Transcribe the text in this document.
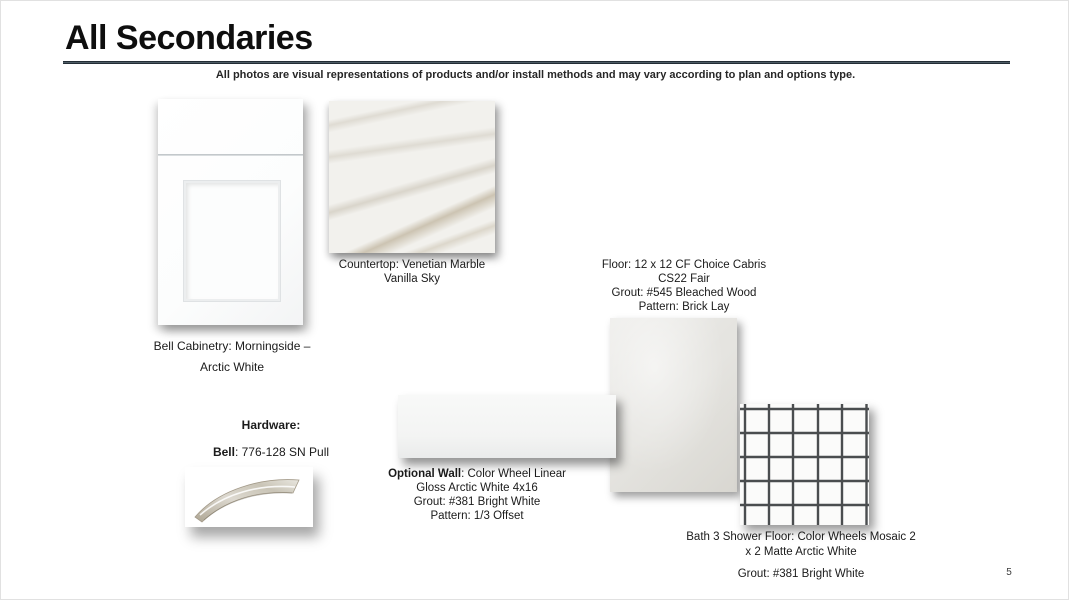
All Secondaries
All photos are visual representations of products and/or install methods and may vary according to plan and options type.
Bell Cabinetry: Morningside –
Arctic White
Countertop: Venetian Marble
Vanilla Sky
Floor: 12 x 12 CF Choice Cabris
CS22 Fair
Grout: #545 Bleached Wood
Pattern: Brick Lay
Optional Wall: Color Wheel Linear
Gloss Arctic White 4x16
Grout: #381 Bright White
Pattern: 1/3 Offset
Hardware:
Bell: 776-128 SN Pull
Bath 3 Shower Floor: Color Wheels Mosaic 2
x 2 Matte Arctic White
Grout: #381 Bright White	5
